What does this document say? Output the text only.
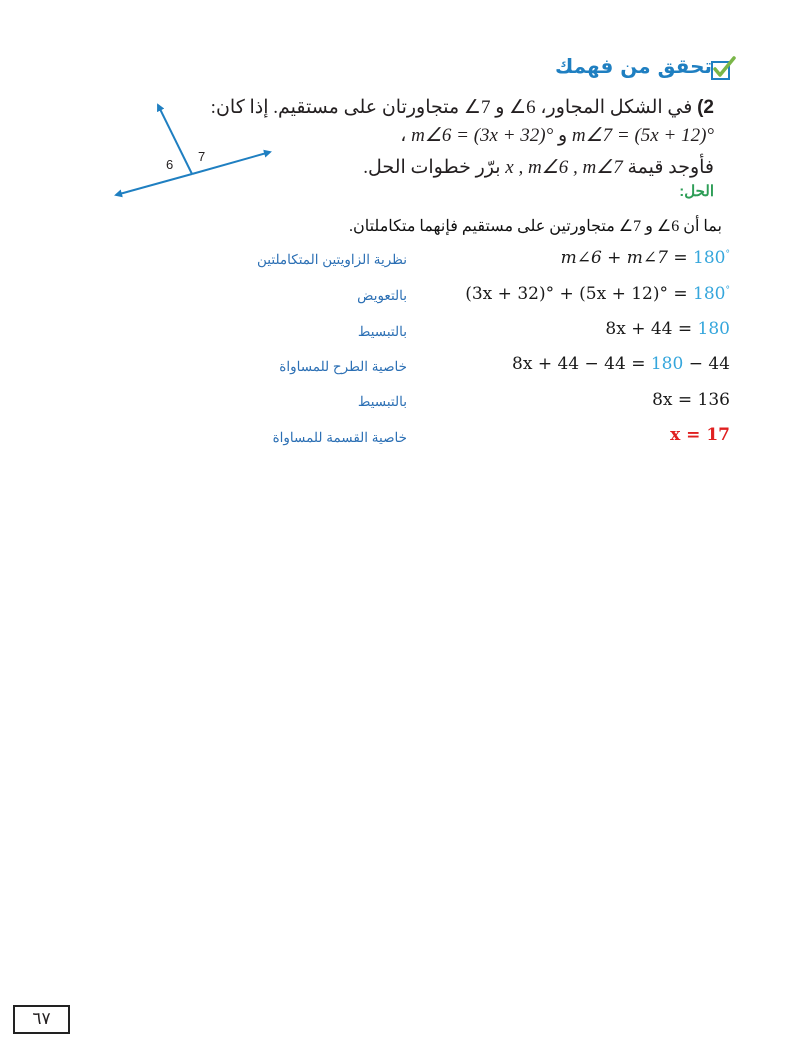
تحقق من فهمك
2) في الشكل المجاور، 6∠ و 7∠ متجاورتان على مستقيم. إذا كان:
m∠7 = (5x + 12)° و m∠6 = (3x + 32)° ،
فأوجد قيمة x , m∠6 , m∠7 برّر خطوات الحل.
6
7
الحل:
بما أن 6∠ و 7∠ متجاورتين على مستقيم فإنهما متكاملتان.
نظرية الزاويتين المتكاملتين	m∠6 + m∠7 = 180°
بالتعويض	(3x + 32)° + (5x + 12)° = 180°
بالتبسيط	8x + 44 = 180
خاصية الطرح للمساواة	8x + 44 − 44 = 180 − 44
بالتبسيط	8x = 136
خاصية القسمة للمساواة	x = 17
٦٧
